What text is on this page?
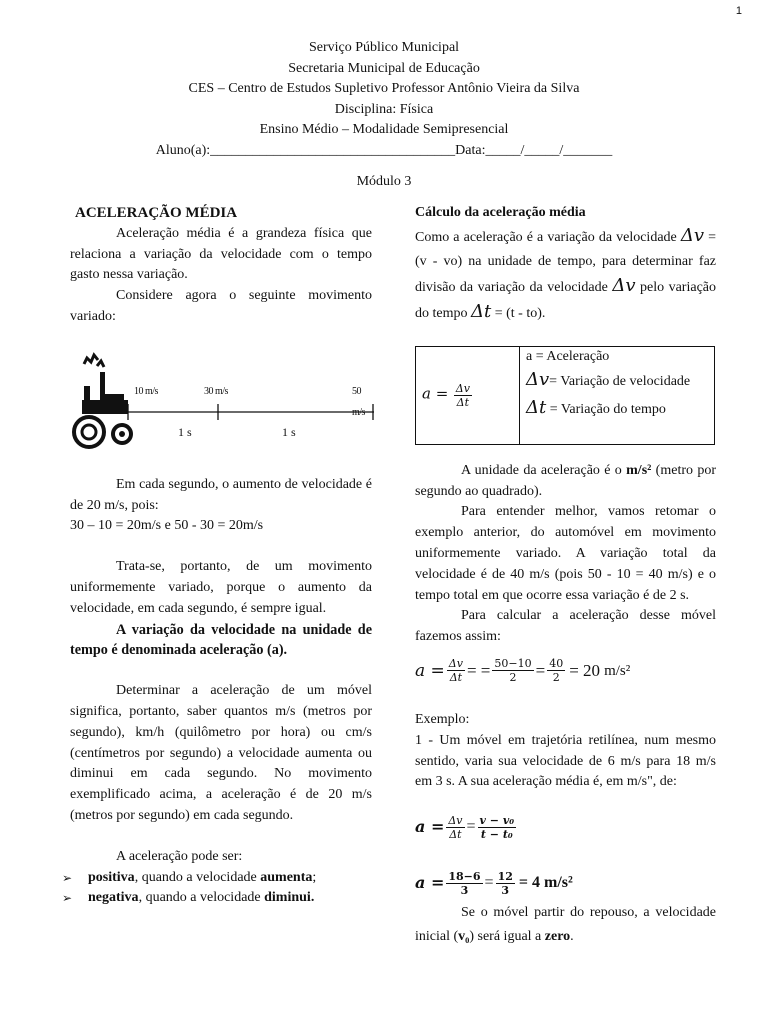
1
Serviço Público Municipal
Secretaria Municipal de Educação
CES – Centro de Estudos Supletivo Professor Antônio Vieira da Silva
Disciplina: Física
Ensino Médio – Modalidade Semipresencial
Aluno(a):___________________________________Data:_____/_____/_______
Módulo 3
ACELERAÇÃO MÉDIA

Aceleração média é a grandeza física que relaciona a variação da velocidade com o tempo gasto nessa variação.

Considere agora o seguinte movimento variado:

10 m/s	30 m/s	50 m/s
1 s	1 s

Em cada segundo, o aumento de velocidade é de 20 m/s, pois:

30 – 10 = 20m/s e 50 - 30 = 20m/s

Trata-se, portanto, de um movimento uniformemente variado, porque o aumento da velocidade, em cada segundo, é sempre igual.

A variação da velocidade na unidade de tempo é denominada aceleração (a).

Determinar a aceleração de um móvel significa, portanto, saber quantos m/s (metros por segundo), km/h (quilômetro por hora) ou cm/s (centímetros por segundo) a velocidade aumenta ou diminui em cada segundo. No movimento exemplificado acima, a aceleração é de 20 m/s (metros por segundo) em cada segundo.

A aceleração pode ser:

➢ positiva, quando a velocidade aumenta;
➢ negativa, quando a velocidade diminui.
Cálculo da aceleração média

Como a aceleração é a variação da velocidade Δv = (v - vo) na unidade de tempo, para determinar faz divisão da variação da velocidade Δv pelo variação do tempo Δt = (t - to).

$a = \frac{\Delta v}{\Delta t}$

a = Aceleração
Δv= Variação de velocidade
Δt = Variação do tempo

A unidade da aceleração é o m/s² (metro por segundo ao quadrado).

Para entender melhor, vamos retomar o exemplo anterior, do automóvel em movimento uniformemente variado. A variação total da velocidade é de 40 m/s (pois 50 - 10 = 40 m/s) e o tempo total em que ocorre essa variação é de 2 s.

Para calcular a aceleração desse móvel fazemos assim:

$a = \frac{\Delta v}{\Delta t}$ = = $\frac{50-10}{2} = \frac{40}{2} = 20$ m/s²

Exemplo:

1 - Um móvel em trajetória retilínea, num mesmo sentido, varia sua velocidade de 6 m/s para 18 m/s em 3 s. A sua aceleração média é, em m/s", de:

$a = \frac{\Delta v}{\Delta t} = \frac{\text{v − v₀}}{\text{t − t₀}}$
$a = \frac{18-6}{3} = \frac{12}{3} = 4$ m/s²

Se o móvel partir do repouso, a velocidade inicial (v₀) será igual a zero.
